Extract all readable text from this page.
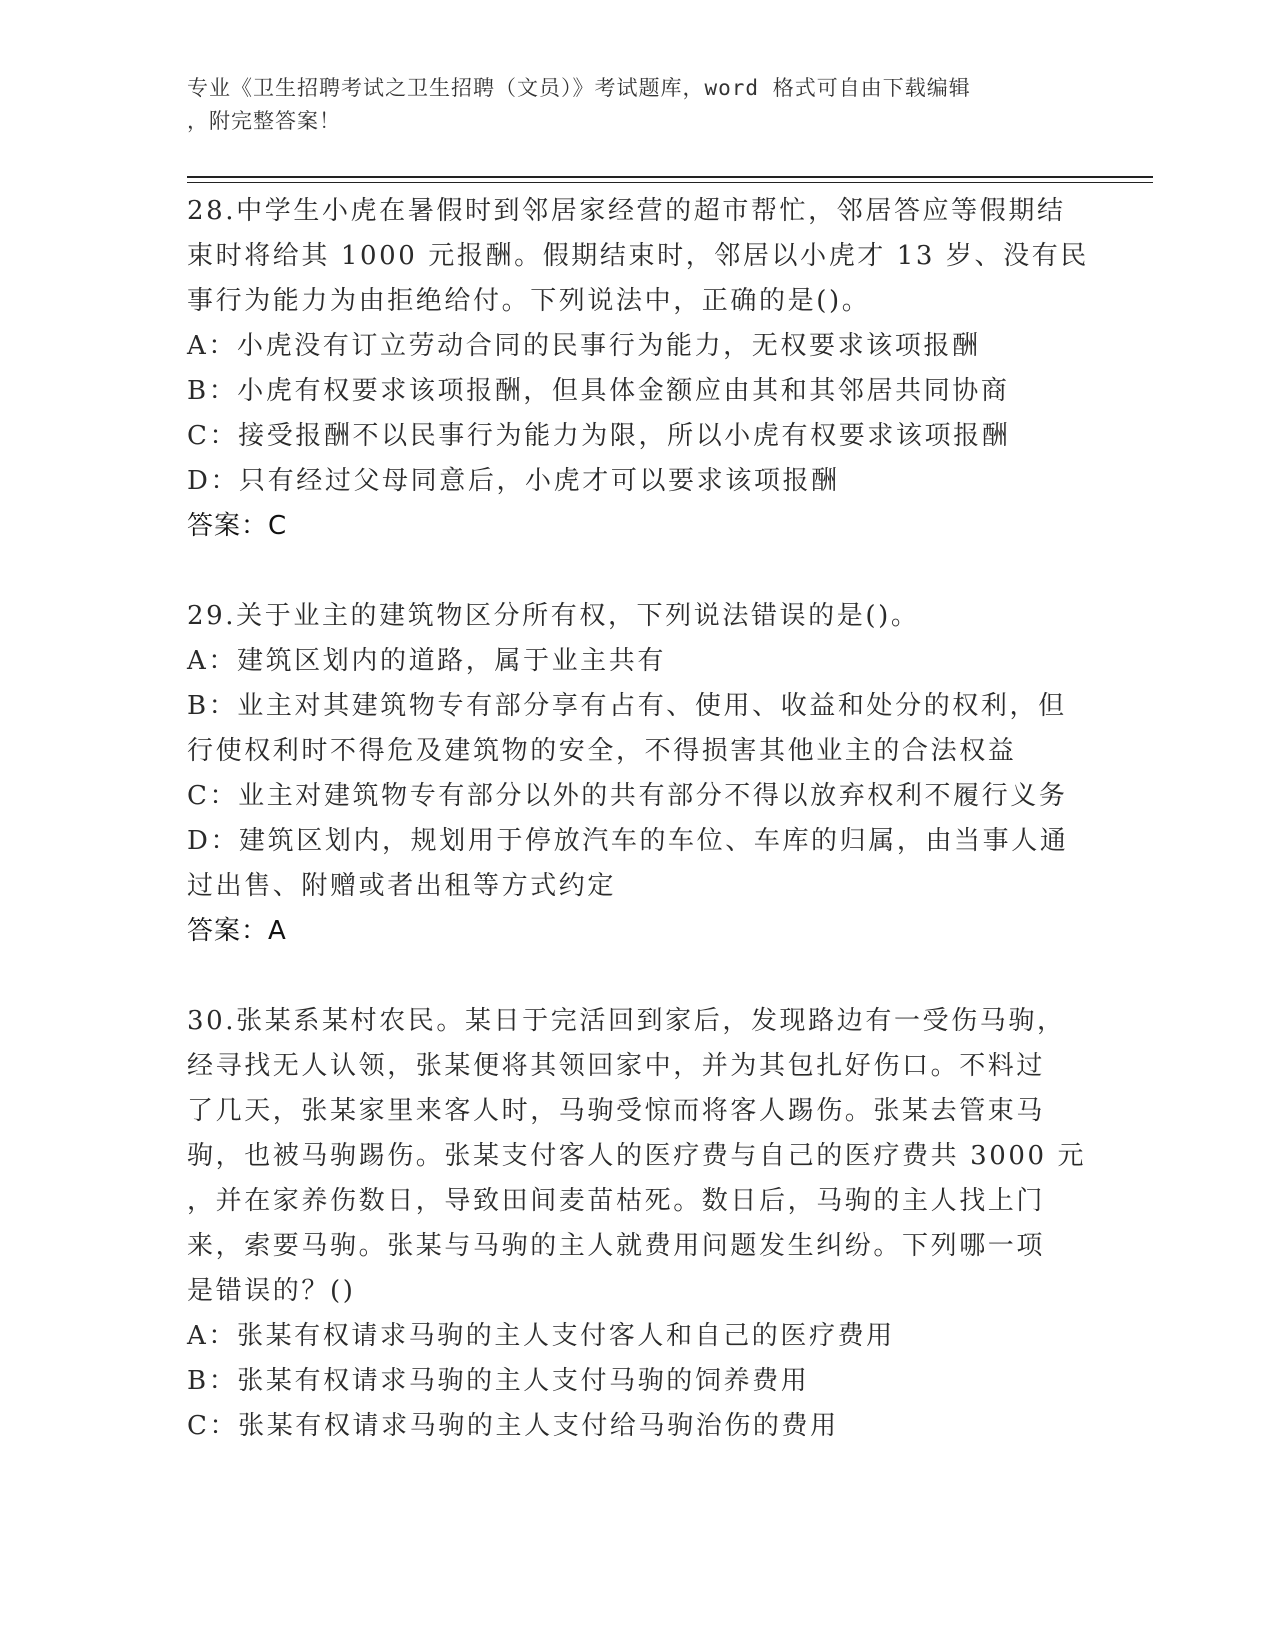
专业《卫生招聘考试之卫生招聘（文员）》考试题库，word 格式可自由下载编辑
，附完整答案！
28.中学生小虎在暑假时到邻居家经营的超市帮忙，邻居答应等假期结
束时将给其 1000 元报酬。假期结束时，邻居以小虎才 13 岁、没有民
事行为能力为由拒绝给付。下列说法中，正确的是()。
A：小虎没有订立劳动合同的民事行为能力，无权要求该项报酬
B：小虎有权要求该项报酬，但具体金额应由其和其邻居共同协商
C：接受报酬不以民事行为能力为限，所以小虎有权要求该项报酬
D：只有经过父母同意后，小虎才可以要求该项报酬
答案：C
29.关于业主的建筑物区分所有权，下列说法错误的是()。
A：建筑区划内的道路，属于业主共有
B：业主对其建筑物专有部分享有占有、使用、收益和处分的权利，但
行使权利时不得危及建筑物的安全，不得损害其他业主的合法权益
C：业主对建筑物专有部分以外的共有部分不得以放弃权利不履行义务
D：建筑区划内，规划用于停放汽车的车位、车库的归属，由当事人通
过出售、附赠或者出租等方式约定
答案：A
30.张某系某村农民。某日于完活回到家后，发现路边有一受伤马驹，
经寻找无人认领，张某便将其领回家中，并为其包扎好伤口。不料过
了几天，张某家里来客人时，马驹受惊而将客人踢伤。张某去管束马
驹，也被马驹踢伤。张某支付客人的医疗费与自己的医疗费共 3000 元
，并在家养伤数日，导致田间麦苗枯死。数日后，马驹的主人找上门
来，索要马驹。张某与马驹的主人就费用问题发生纠纷。下列哪一项
是错误的？()
A：张某有权请求马驹的主人支付客人和自己的医疗费用
B：张某有权请求马驹的主人支付马驹的饲养费用
C：张某有权请求马驹的主人支付给马驹治伤的费用
